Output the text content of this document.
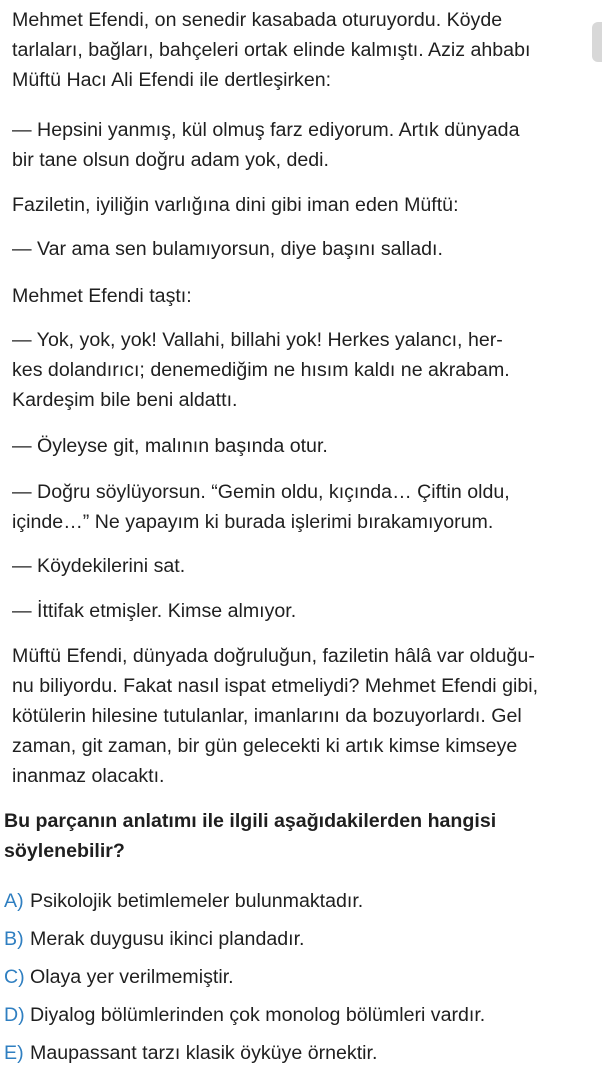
Mehmet Efendi, on senedir kasabada oturuyordu. Köyde
tarlaları, bağları, bahçeleri ortak elinde kalmıştı. Aziz ahbabı
Müftü Hacı Ali Efendi ile dertleşirken:

— Hepsini yanmış, kül olmuş farz ediyorum. Artık dünyada
bir tane olsun doğru adam yok, dedi.

Faziletin, iyiliğin varlığına dini gibi iman eden Müftü:

— Var ama sen bulamıyorsun, diye başını salladı.

Mehmet Efendi taştı:

— Yok, yok, yok! Vallahi, billahi yok! Herkes yalancı, her-
kes dolandırıcı; denemediğim ne hısım kaldı ne akrabam.
Kardeşim bile beni aldattı.

— Öyleyse git, malının başında otur.

— Doğru söylüyorsun. “Gemin oldu, kıçında… Çiftin oldu,
içinde…” Ne yapayım ki burada işlerimi bırakamıyorum.

— Köydekilerini sat.

— İttifak etmişler. Kimse almıyor.

Müftü Efendi, dünyada doğruluğun, faziletin hâlâ var olduğu-
nu biliyordu. Fakat nasıl ispat etmeliydi? Mehmet Efendi gibi,
kötülerin hilesine tutulanlar, imanlarını da bozuyorlardı. Gel
zaman, git zaman, bir gün gelecekti ki artık kimse kimseye
inanmaz olacaktı.

Bu parçanın anlatımı ile ilgili aşağıdakilerden hangisi
söylenebilir?

A) Psikolojik betimlemeler bulunmaktadır.
B) Merak duygusu ikinci plandadır.
C) Olaya yer verilmemiştir.
D) Diyalog bölümlerinden çok monolog bölümleri vardır.
E) Maupassant tarzı klasik öyküye örnektir.
